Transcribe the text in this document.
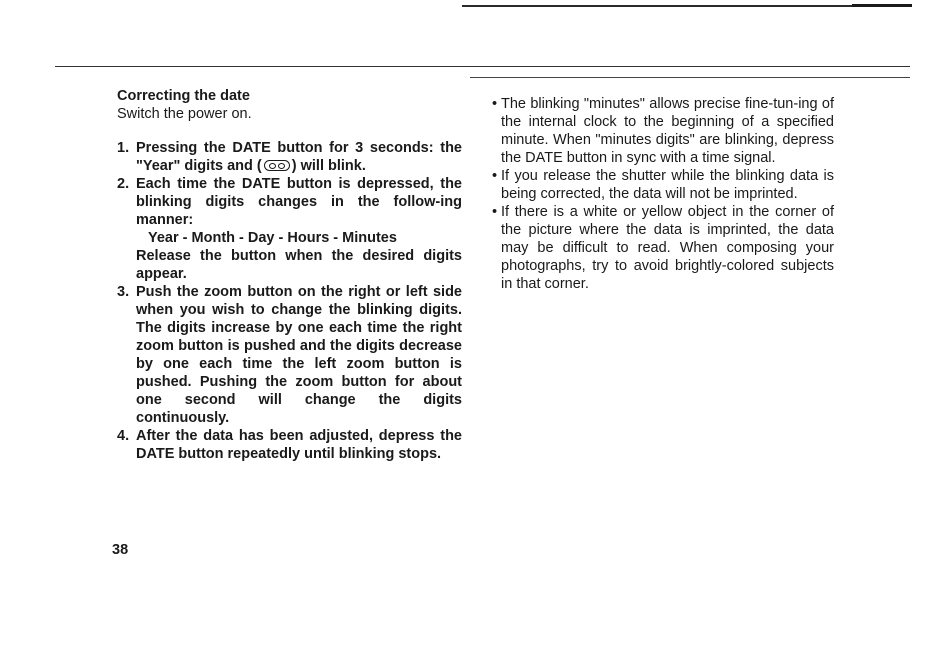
Correcting the date

Switch the power on.

1. Pressing the DATE button for 3 seconds: the "Year" digits and ( ) will blink.
2. Each time the DATE button is depressed, the blinking digits changes in the follow-ing manner:
Year - Month - Day - Hours - Minutes
Release the button when the desired digits appear.
3. Push the zoom button on the right or left side when you wish to change the blinking digits. The digits increase by one each time the right zoom button is pushed and the digits decrease by one each time the left zoom button is pushed. Pushing the zoom button for about one second will change the digits continuously.
4. After the data has been adjusted, depress the DATE button repeatedly until blinking stops.
• The blinking "minutes" allows precise fine-tun-ing of the internal clock to the beginning of a specified minute. When "minutes digits" are blinking, depress the DATE button in sync with a time signal.
• If you release the shutter while the blinking data is being corrected, the data will not be imprinted.
• If there is a white or yellow object in the corner of the picture where the data is imprinted, the data may be difficult to read. When composing your photographs, try to avoid brightly-colored subjects in that corner.
38
